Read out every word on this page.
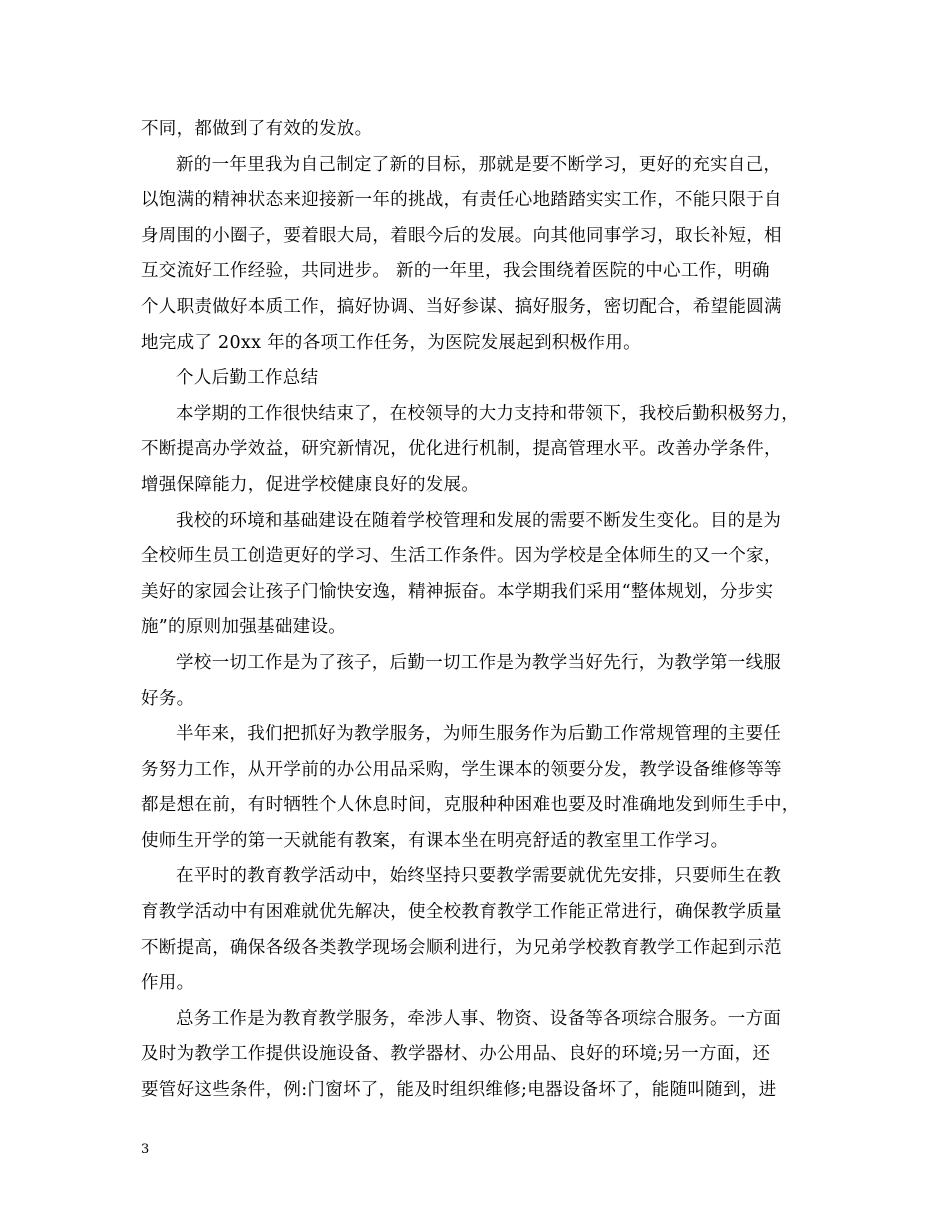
不同，都做到了有效的发放。
新的一年里我为自己制定了新的目标，那就是要不断学习，更好的充实自己，
以饱满的精神状态来迎接新一年的挑战，有责任心地踏踏实实工作，不能只限于自
身周围的小圈子，要着眼大局，着眼今后的发展。向其他同事学习，取长补短，相
互交流好工作经验，共同进步。 新的一年里，我会围绕着医院的中心工作，明确
个人职责做好本质工作，搞好协调、当好参谋、搞好服务，密切配合，希望能圆满
地完成了 20xx 年的各项工作任务，为医院发展起到积极作用。
个人后勤工作总结
本学期的工作很快结束了，在校领导的大力支持和带领下，我校后勤积极努力，
不断提高办学效益，研究新情况，优化进行机制，提高管理水平。改善办学条件，
增强保障能力，促进学校健康良好的发展。
我校的环境和基础建设在随着学校管理和发展的需要不断发生变化。目的是为
全校师生员工创造更好的学习、生活工作条件。因为学校是全体师生的又一个家，
美好的家园会让孩子门愉快安逸，精神振奋。本学期我们采用“整体规划，分步实
施”的原则加强基础建设。
学校一切工作是为了孩子，后勤一切工作是为教学当好先行，为教学第一线服
好务。
半年来，我们把抓好为教学服务，为师生服务作为后勤工作常规管理的主要任
务努力工作，从开学前的办公用品采购，学生课本的领要分发，教学设备维修等等
都是想在前，有时牺牲个人休息时间，克服种种困难也要及时准确地发到师生手中，
使师生开学的第一天就能有教案，有课本坐在明亮舒适的教室里工作学习。
在平时的教育教学活动中，始终坚持只要教学需要就优先安排，只要师生在教
育教学活动中有困难就优先解决，使全校教育教学工作能正常进行，确保教学质量
不断提高，确保各级各类教学现场会顺利进行，为兄弟学校教育教学工作起到示范
作用。
总务工作是为教育教学服务，牵涉人事、物资、设备等各项综合服务。一方面
及时为教学工作提供设施设备、教学器材、办公用品、良好的环境;另一方面，还
要管好这些条件，例:门窗坏了，能及时组织维修;电器设备坏了，能随叫随到，进
3
